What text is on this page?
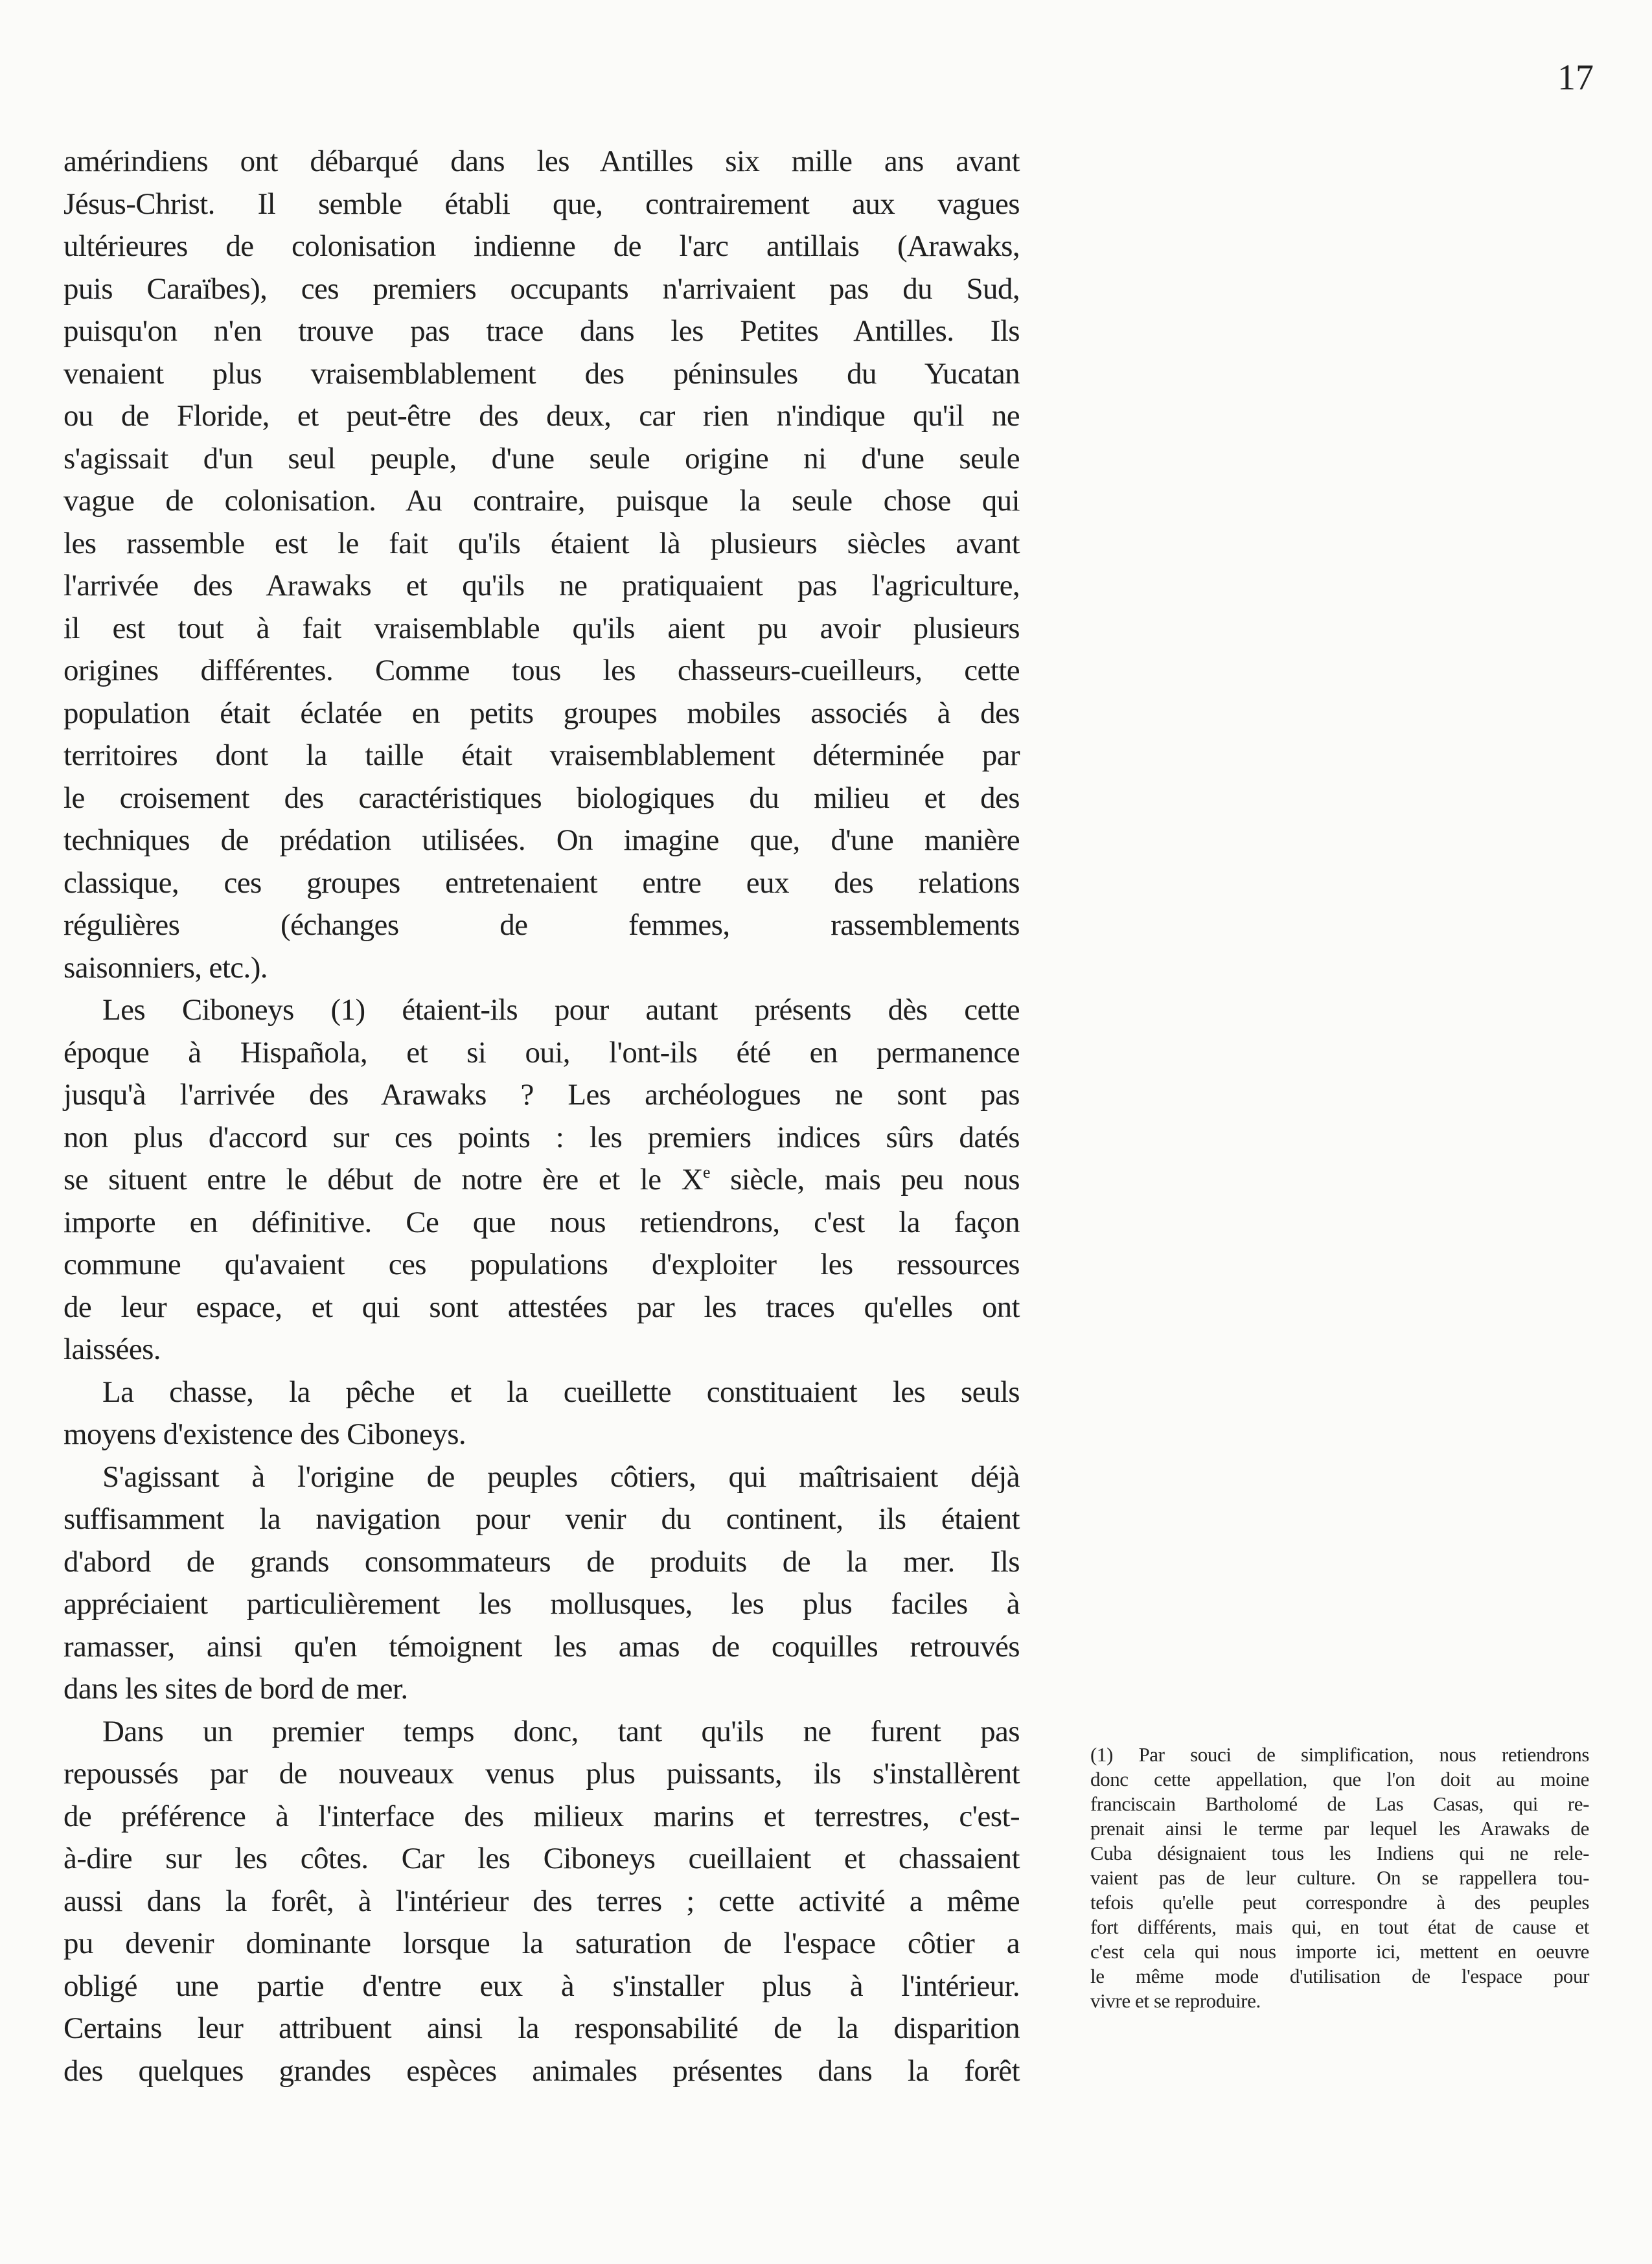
17
amérindiens ont débarqué dans les Antilles six mille ans avant
Jésus-Christ. Il semble établi que, contrairement aux vagues
ultérieures de colonisation indienne de l'arc antillais (Arawaks,
puis Caraïbes), ces premiers occupants n'arrivaient pas du Sud,
puisqu'on n'en trouve pas trace dans les Petites Antilles. Ils
venaient plus vraisemblablement des péninsules du Yucatan
ou de Floride, et peut-être des deux, car rien n'indique qu'il ne
s'agissait d'un seul peuple, d'une seule origine ni d'une seule
vague de colonisation. Au contraire, puisque la seule chose qui
les rassemble est le fait qu'ils étaient là plusieurs siècles avant
l'arrivée des Arawaks et qu'ils ne pratiquaient pas l'agriculture,
il est tout à fait vraisemblable qu'ils aient pu avoir plusieurs
origines différentes. Comme tous les chasseurs-cueilleurs, cette
population était éclatée en petits groupes mobiles associés à des
territoires dont la taille était vraisemblablement déterminée par
le croisement des caractéristiques biologiques du milieu et des
techniques de prédation utilisées. On imagine que, d'une manière
classique, ces groupes entretenaient entre eux des relations
régulières (échanges de femmes, rassemblements
saisonniers, etc.).
Les Ciboneys (1) étaient-ils pour autant présents dès cette
époque à Hispañola, et si oui, l'ont-ils été en permanence
jusqu'à l'arrivée des Arawaks ? Les archéologues ne sont pas
non plus d'accord sur ces points : les premiers indices sûrs datés
se situent entre le début de notre ère et le Xe siècle, mais peu nous
importe en définitive. Ce que nous retiendrons, c'est la façon
commune qu'avaient ces populations d'exploiter les ressources
de leur espace, et qui sont attestées par les traces qu'elles ont
laissées.
La chasse, la pêche et la cueillette constituaient les seuls
moyens d'existence des Ciboneys.
S'agissant à l'origine de peuples côtiers, qui maîtrisaient déjà
suffisamment la navigation pour venir du continent, ils étaient
d'abord de grands consommateurs de produits de la mer. Ils
appréciaient particulièrement les mollusques, les plus faciles à
ramasser, ainsi qu'en témoignent les amas de coquilles retrouvés
dans les sites de bord de mer.
Dans un premier temps donc, tant qu'ils ne furent pas
repoussés par de nouveaux venus plus puissants, ils s'installèrent
de préférence à l'interface des milieux marins et terrestres, c'est-
à-dire sur les côtes. Car les Ciboneys cueillaient et chassaient
aussi dans la forêt, à l'intérieur des terres ; cette activité a même
pu devenir dominante lorsque la saturation de l'espace côtier a
obligé une partie d'entre eux à s'installer plus à l'intérieur.
Certains leur attribuent ainsi la responsabilité de la disparition
des quelques grandes espèces animales présentes dans la forêt
(1) Par souci de simplification, nous retiendrons
donc cette appellation, que l'on doit au moine
franciscain Bartholomé de Las Casas, qui re-
prenait ainsi le terme par lequel les Arawaks de
Cuba désignaient tous les Indiens qui ne rele-
vaient pas de leur culture. On se rappellera tou-
tefois qu'elle peut correspondre à des peuples
fort différents, mais qui, en tout état de cause et
c'est cela qui nous importe ici, mettent en oeuvre
le même mode d'utilisation de l'espace pour
vivre et se reproduire.
